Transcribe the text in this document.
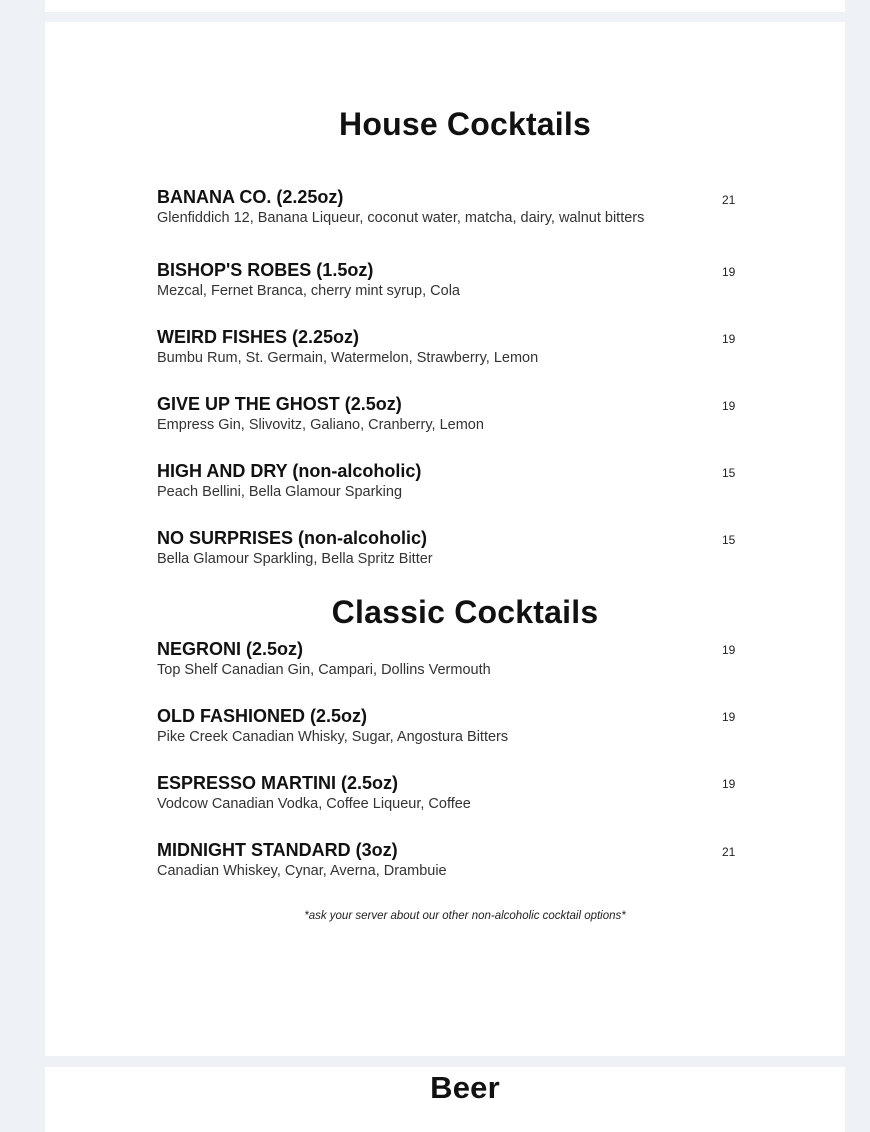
House Cocktails
BANANA CO. (2.25oz)
Glenfiddich 12, Banana Liqueur, coconut water, matcha, dairy, walnut bitters
21
BISHOP'S ROBES (1.5oz)
Mezcal, Fernet Branca, cherry mint syrup, Cola
19
WEIRD FISHES (2.25oz)
Bumbu Rum, St. Germain, Watermelon, Strawberry, Lemon
19
GIVE UP THE GHOST (2.5oz)
Empress Gin, Slivovitz, Galiano, Cranberry, Lemon
19
HIGH AND DRY (non-alcoholic)
Peach Bellini, Bella Glamour Sparking
15
NO SURPRISES (non-alcoholic)
Bella Glamour Sparkling, Bella Spritz Bitter
15
Classic Cocktails
NEGRONI (2.5oz)
Top Shelf Canadian Gin, Campari, Dollins Vermouth
19
OLD FASHIONED (2.5oz)
Pike Creek Canadian Whisky, Sugar, Angostura Bitters
19
ESPRESSO MARTINI (2.5oz)
Vodcow Canadian Vodka, Coffee Liqueur, Coffee
19
MIDNIGHT STANDARD (3oz)
Canadian Whiskey, Cynar, Averna, Drambuie
21
*ask your server about our other non-alcoholic cocktail options*
Beer
